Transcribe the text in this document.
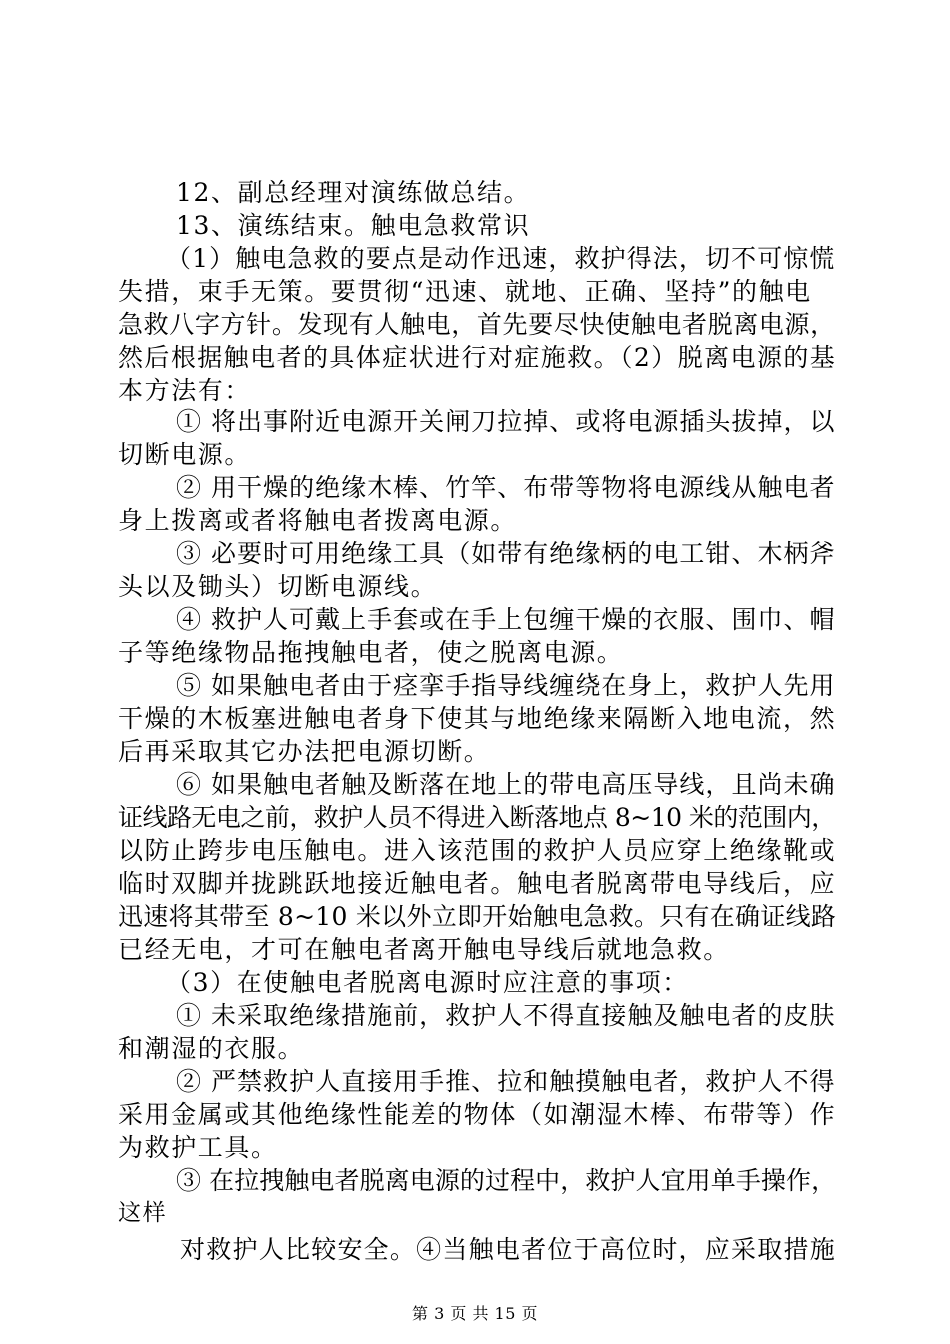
12、副总经理对演练做总结。
13、演练结束。触电急救常识
（1）触电急救的要点是动作迅速，救护得法，切不可惊慌
失措，束手无策。要贯彻“迅速、就地、正确、坚持”的触电
急救八字方针。发现有人触电，首先要尽快使触电者脱离电源，
然后根据触电者的具体症状进行对症施救。（2）脱离电源的基
本方法有：
① 将出事附近电源开关闸刀拉掉、或将电源插头拔掉，以
切断电源。
② 用干燥的绝缘木棒、竹竿、布带等物将电源线从触电者
身上拨离或者将触电者拨离电源。
③ 必要时可用绝缘工具（如带有绝缘柄的电工钳、木柄斧
头以及锄头）切断电源线。
④ 救护人可戴上手套或在手上包缠干燥的衣服、围巾、帽
子等绝缘物品拖拽触电者，使之脱离电源。
⑤ 如果触电者由于痉挛手指导线缠绕在身上，救护人先用
干燥的木板塞进触电者身下使其与地绝缘来隔断入地电流，然
后再采取其它办法把电源切断。
⑥ 如果触电者触及断落在地上的带电高压导线，且尚未确
证线路无电之前，救护人员不得进入断落地点 8~10 米的范围内，
以防止跨步电压触电。进入该范围的救护人员应穿上绝缘靴或
临时双脚并拢跳跃地接近触电者。触电者脱离带电导线后，应
迅速将其带至 8~10 米以外立即开始触电急救。只有在确证线路
已经无电，才可在触电者离开触电导线后就地急救。
（3）在使触电者脱离电源时应注意的事项：
① 未采取绝缘措施前，救护人不得直接触及触电者的皮肤
和潮湿的衣服。
② 严禁救护人直接用手推、拉和触摸触电者，救护人不得
采用金属或其他绝缘性能差的物体（如潮湿木棒、布带等）作
为救护工具。
③ 在拉拽触电者脱离电源的过程中，救护人宜用单手操作，
这样
对救护人比较安全。④当触电者位于高位时，应采取措施
第 3 页 共 15 页
